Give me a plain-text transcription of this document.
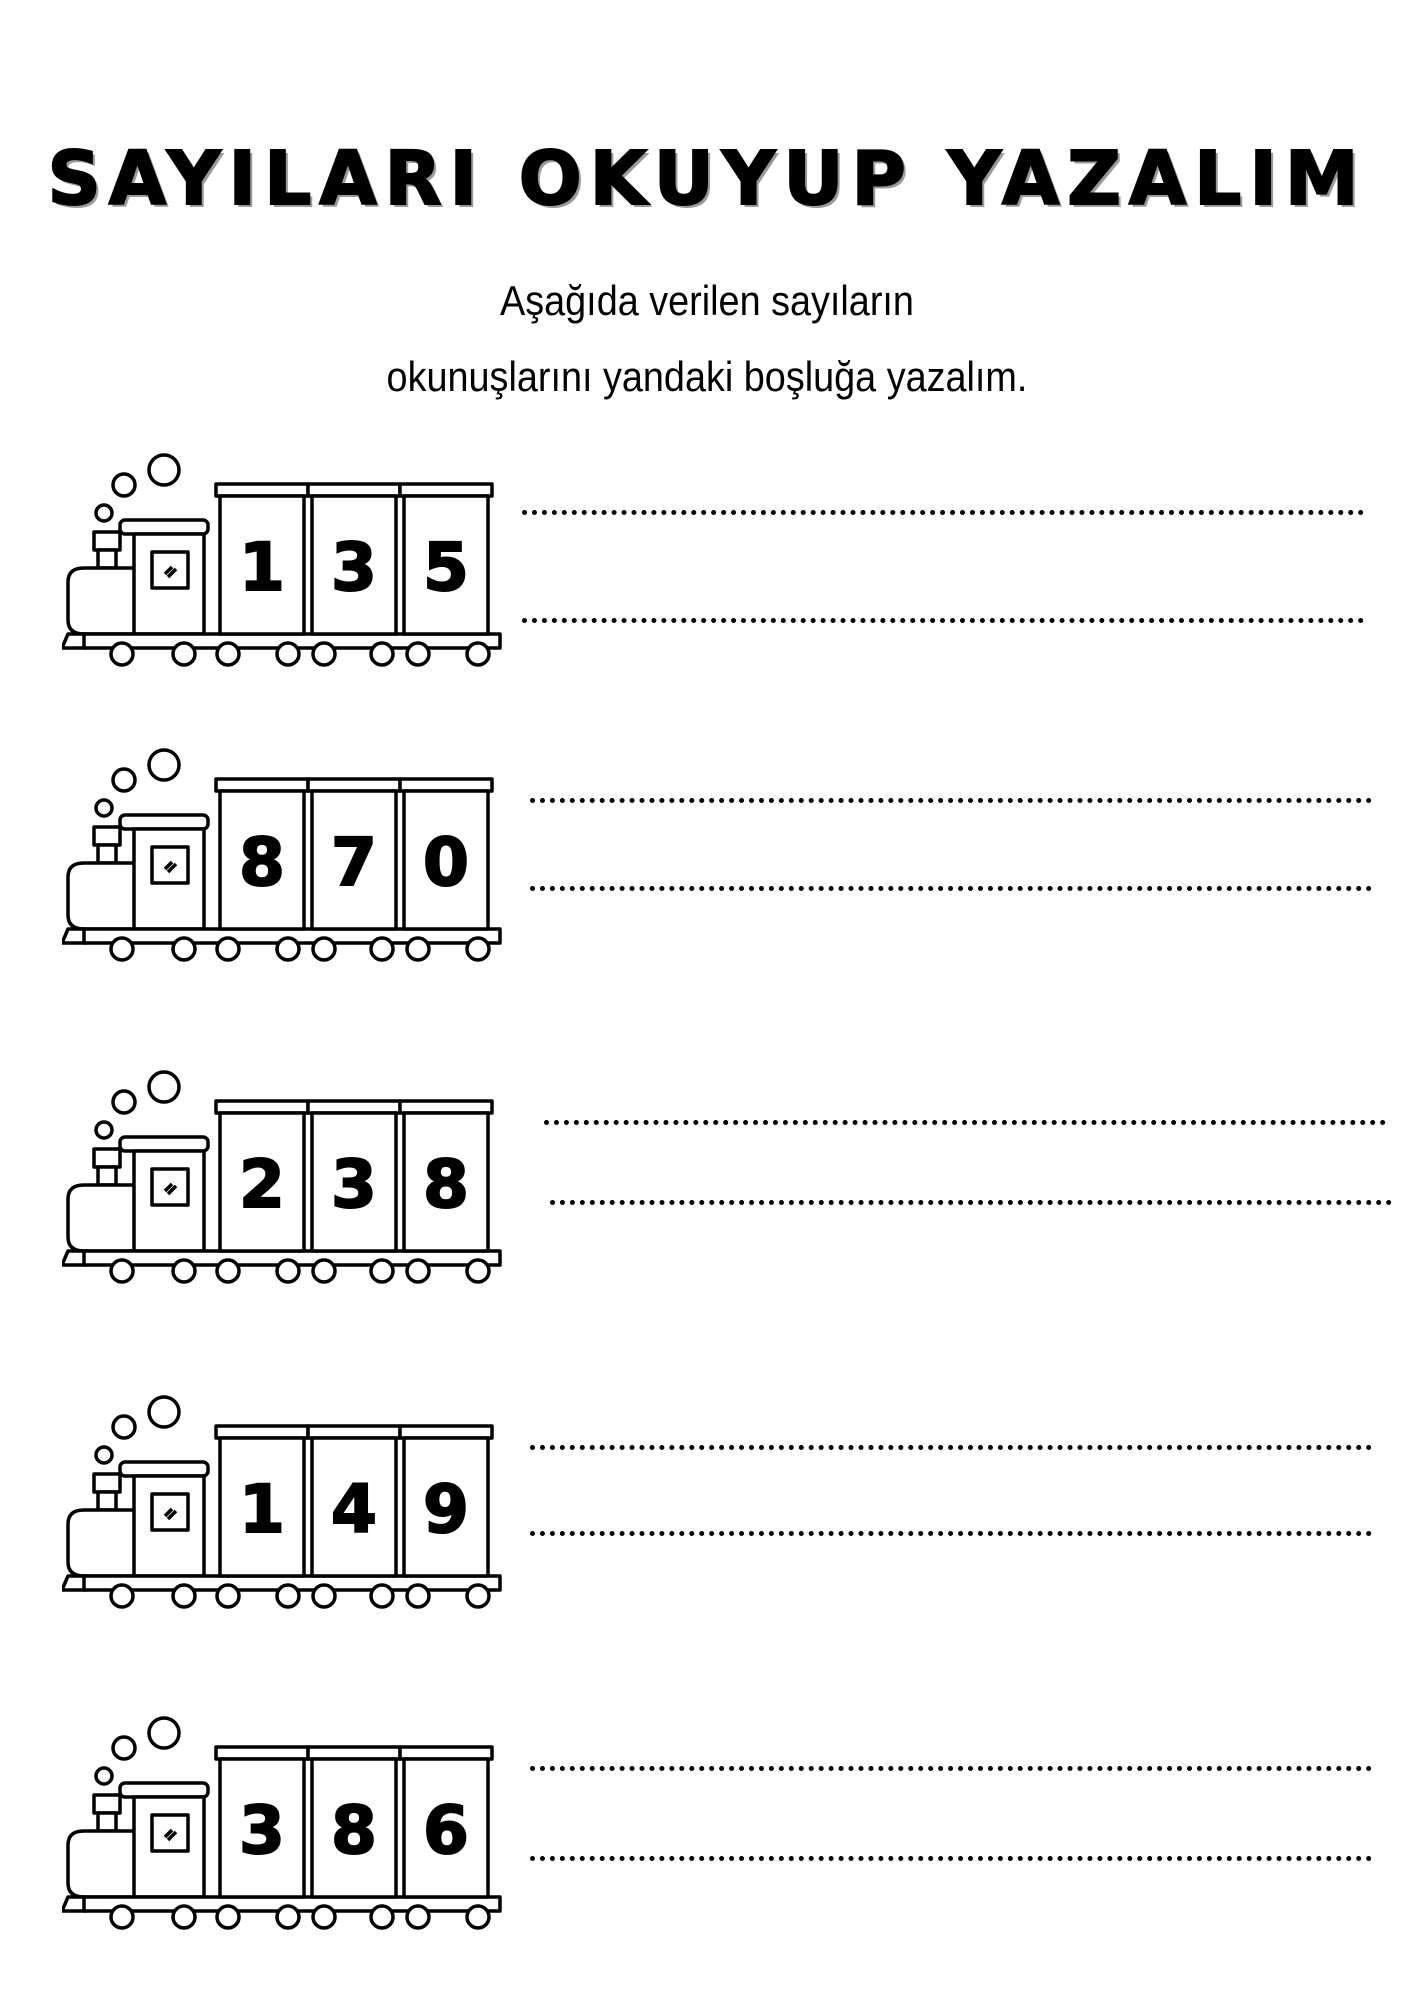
SAYILARI OKUYUP YAZALIM
Aşağıda verilen sayıların
okunuşlarını yandaki boşluğa yazalım.
1 3 5
8 7 0
2 3 8
1 4 9
3 8 6
